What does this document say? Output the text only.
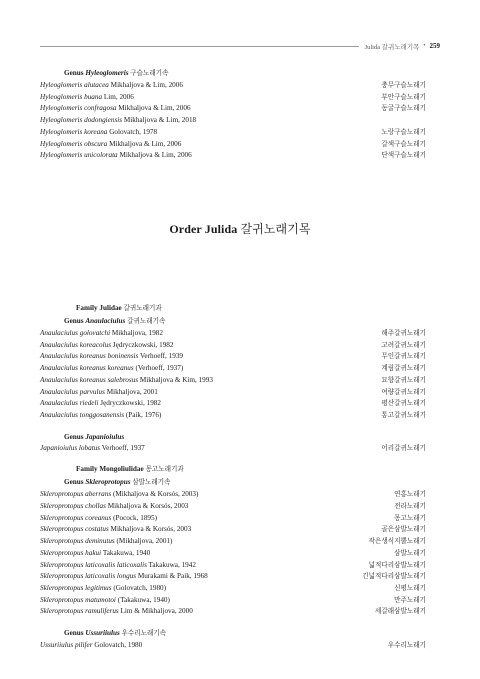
Julida 갈귀노래기목 • 259
Genus Hyleoglomeris 구슬노래기속
Hyleoglomeris alutacea Mikhaljova & Lim, 2006	충무구슬노래기
Hyleoglomeris buana Lim, 2006	부안구슬노래기
Hyleoglomeris confragosa Mikhaljova & Lim, 2006	동굴구슬노래기
Hyleoglomeris dodongiensis Mikhaljova & Lim, 2018
Hyleoglomeris koreana Golovatch, 1978	노랑구슬노래기
Hyleoglomeris obscura Mikhaljova & Lim, 2006	갈색구슬노래기
Hyleoglomeris unicolorata Mikhaljova & Lim, 2006	단색구슬노래기
Order Julida 갈귀노래기목
Family Julidae 갈귀노래기과
Genus Anaulaciulus 갈귀노래기속
Anaulaciulus golovatchi Mikhaljova, 1982	해주갈귀노래기
Anaulaciulus koreacolus Jędryczkowski, 1982	고려갈귀노래기
Anaulaciulus koreanus boninensis Verhoeff, 1939	무인갈귀노래기
Anaulaciulus koreanus koreanus (Verhoeff, 1937)	계림갈귀노래기
Anaulaciulus koreanus salebrosus Mikhaljova & Kim, 1993	묘향갈귀노래기
Anaulaciulus parvulus Mikhaljova, 2001	여량갈귀노래기
Anaulaciulus riedeli Jędryczkowski, 1982	평산갈귀노래기
Anaulaciulus tonggosanensis (Paik, 1976)	통고갈귀노래기
Genus Japanioiulus
Japanioiulus lobatus Verhoeff, 1937	어리갈귀노래기
Family Mongoliulidae 몽고노래기과
Genus Skleroprotopus 삼발노래기속
Skleroprotopus aberrans (Mikhaljova & Korsós, 2003)	연홍노래기
Skleroprotopus chollas Mikhaljova & Korsós, 2003	전라노래기
Skleroprotopus coreanus (Pocock, 1895)	몽고노래기
Skleroprotopus costatus Mikhaljova & Korsós, 2003	골은삼발노래기
Skleroprotopus deminutus (Mikhaljova, 2001)	작은생식지뿔노래기
Skleroprotopus hakui Takakuwa, 1940	삼발노래기
Skleroprotopus laticoxalis laticoxalis Takakuwa, 1942	넓적다리삼발노래기
Skleroprotopus laticoxalis longus Murakami & Paik, 1968	긴넓적다리삼발노래기
Skleroprotopus legitimus (Golovatch, 1980)	신평노래기
Skleroprotopus matumotoi (Takakuwa, 1940)	만주노래기
Skleroprotopus ramuliferus Lim & Mikhaljova, 2000	세갈래삼발노래기
Genus Ussuriiulus 우수리노래기속
Ussuriiulus pilifer Golovatch, 1980	우수리노래기
